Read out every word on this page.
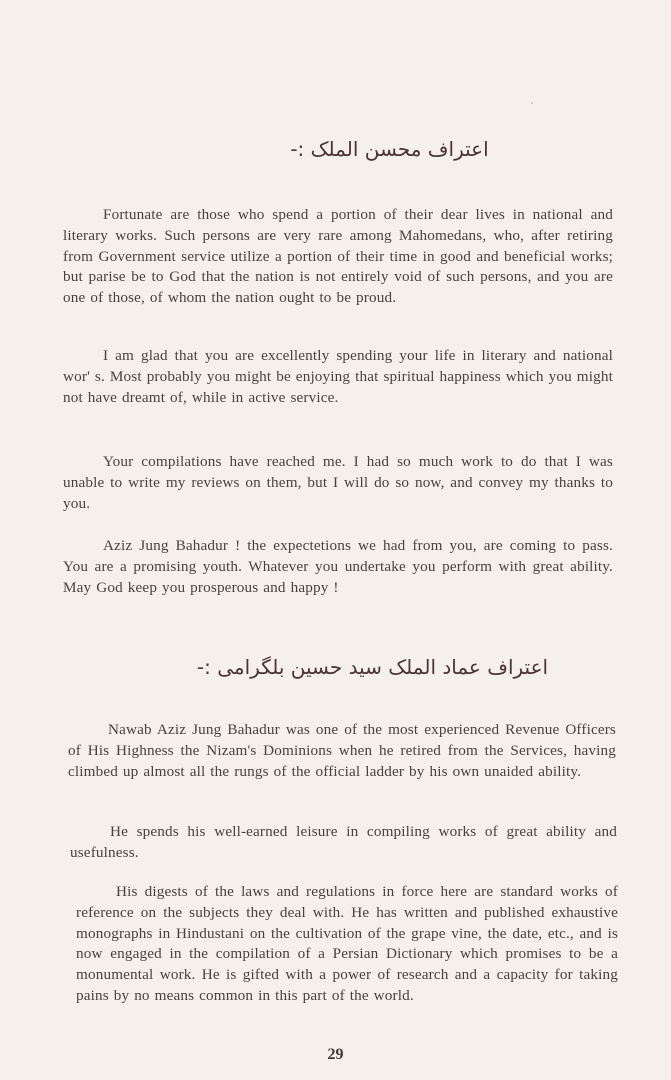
اعتراف محسن الملک :-

Fortunate are those who spend a portion of their dear lives in national and literary works. Such persons are very rare among Mahomedans, who, after retiring from Government service utilize a portion of their time in good and beneficial works; but parise be to God that the nation is not entirely void of such persons, and you are one of those, of whom the nation ought to be proud.

I am glad that you are excellently spending your life in literary and national wor' s. Most probably you might be enjoying that spiritual happiness which you might not have dreamt of, while in active service.

Your compilations have reached me. I had so much work to do that I was unable to write my reviews on them, but I will do so now, and convey my thanks to you.

Aziz Jung Bahadur ! the expectetions we had from you, are coming to pass. You are a promising youth. Whatever you undertake you perform with great ability. May God keep you prosperous and happy !

اعتراف عماد الملک سید حسین بلگرامی :-

Nawab Aziz Jung Bahadur was one of the most experienced Revenue Officers of His Highness the Nizam's Dominions when he retired from the Services, having climbed up almost all the rungs of the official ladder by his own unaided ability.

He spends his well-earned leisure in compiling works of great ability and usefulness.

His digests of the laws and regulations in force here are standard works of reference on the subjects they deal with. He has written and published exhaustive monographs in Hindustani on the cultivation of the grape vine, the date, etc., and is now engaged in the compilation of a Persian Dictionary which promises to be a monumental work. He is gifted with a power of research and a capacity for taking pains by no means common in this part of the world.

29
